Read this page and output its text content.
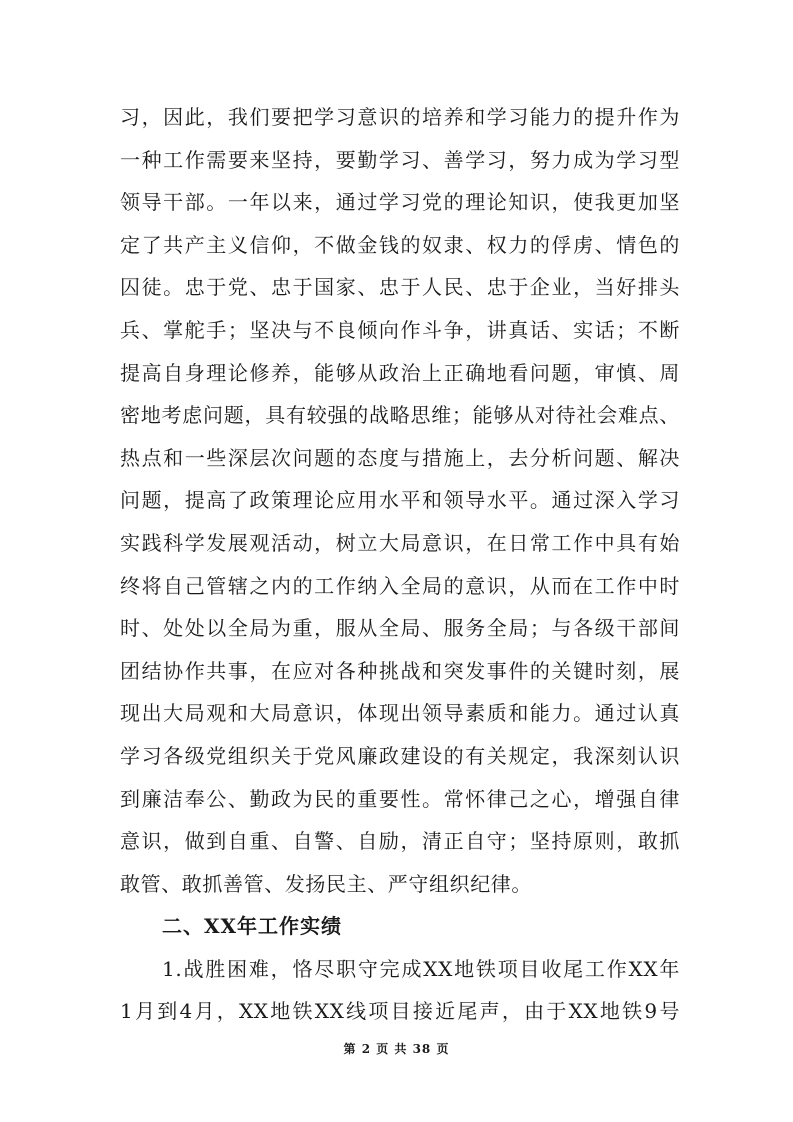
习，因此，我们要把学习意识的培养和学习能力的提升作为
一种工作需要来坚持，要勤学习、善学习，努力成为学习型
领导干部。一年以来，通过学习党的理论知识，使我更加坚
定了共产主义信仰，不做金钱的奴隶、权力的俘虏、情色的
囚徒。忠于党、忠于国家、忠于人民、忠于企业，当好排头
兵、掌舵手；坚决与不良倾向作斗争，讲真话、实话；不断
提高自身理论修养，能够从政治上正确地看问题，审慎、周
密地考虑问题，具有较强的战略思维；能够从对待社会难点、
热点和一些深层次问题的态度与措施上，去分析问题、解决
问题，提高了政策理论应用水平和领导水平。通过深入学习
实践科学发展观活动，树立大局意识，在日常工作中具有始
终将自己管辖之内的工作纳入全局的意识，从而在工作中时
时、处处以全局为重，服从全局、服务全局；与各级干部间
团结协作共事，在应对各种挑战和突发事件的关键时刻，展
现出大局观和大局意识，体现出领导素质和能力。通过认真
学习各级党组织关于党风廉政建设的有关规定，我深刻认识
到廉洁奉公、勤政为民的重要性。常怀律己之心，增强自律
意识，做到自重、自警、自励，清正自守；坚持原则，敢抓
敢管、敢抓善管、发扬民主、严守组织纪律。
二、XX年工作实绩
1.战胜困难，恪尽职守完成XX地铁项目收尾工作XX年
1月到4月，XX地铁XX线项目接近尾声，由于XX地铁9号
第 2 页 共 38 页
